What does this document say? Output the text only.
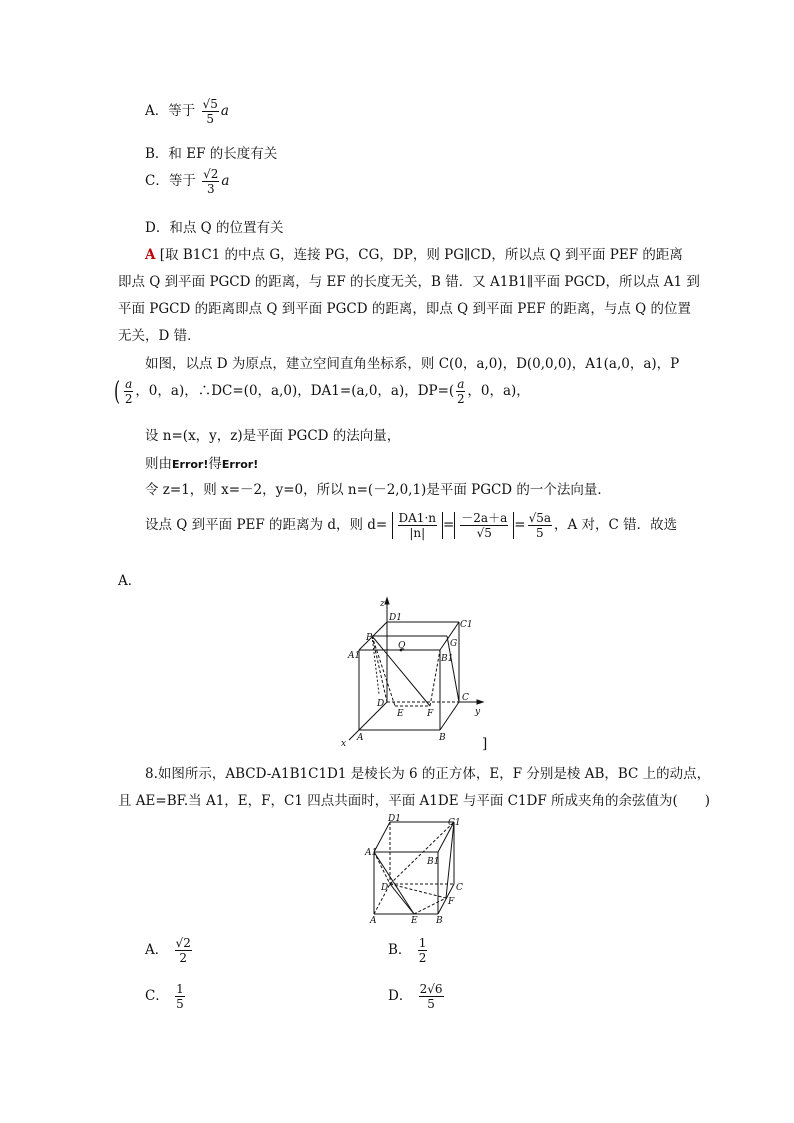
A．等于 $\frac{√5}{5}$ a
B．和 EF 的长度有关
C．等于 $\frac{√2}{3}$ a
D．和点 Q 的位置有关
A [取 B1C1 的中点 G，连接 PG，CG，DP，则 PG∥CD，所以点 Q 到平面 PEF 的距离
即点 Q 到平面 PGCD 的距离，与 EF 的长度无关，B 错．又 A1B1∥平面 PGCD，所以点 A1 到
平面 PGCD 的距离即点 Q 到平面 PGCD 的距离，即点 Q 到平面 PEF 的距离，与点 Q 的位置
无关，D 错．
如图，以点 D 为原点，建立空间直角坐标系，则 C(0，a,0)，D(0,0,0)，A1(a,0，a)，P
( $\frac{a}{2}$ ，0，a)，∴DC=(0，a,0)，DA1=(a,0，a)，$DP=( \frac{a}{2}$ ，0，a)，
设 n=(x，y，z)是平面 PGCD 的法向量，
则由Error!得Error!
令 z=1，则 x=－2，y=0，所以 n=(－2,0,1)是平面 PGCD 的一个法向量．
设点 Q 到平面 PEF 的距离为 d，则 $d= \frac{DA1\cdot n}{|n|} = \frac{-2a+a}{√5} = \frac{√5a}{5}$ ，A 对，C 错．故选
A．
z
y
x
D1
C1
P
Q	G
A1	B1
C
D
E	F
A	B	]
8.如图所示，ABCD-A1B1C1D1 是棱长为 6 的正方体，E，F 分别是棱 AB，BC 上的动点，
且 AE=BF.当 A1，E，F，C1 四点共面时，平面 A1DE 与平面 C1DF 所成夹角的余弦值为(　　)
D1	C1
A1
B1
D	C
F
A	E B
A． $\frac{√2}{2}$	B． $\frac{1}{2}$
C． $\frac{1}{5}$	D． $\frac{2√6}{5}$
